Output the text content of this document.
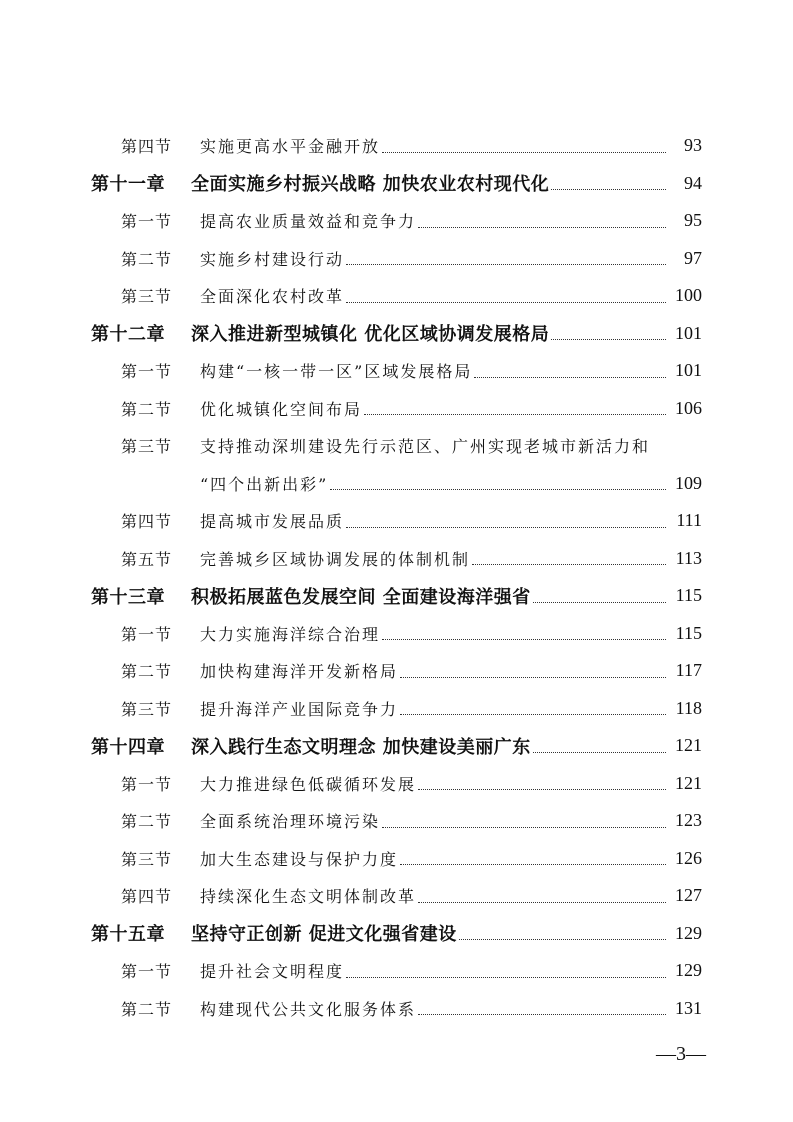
第四节	实施更高水平金融开放	93
第十一章	全面实施乡村振兴战略 加快农业农村现代化	94
第一节	提高农业质量效益和竞争力	95
第二节	实施乡村建设行动	97
第三节	全面深化农村改革	100
第十二章	深入推进新型城镇化 优化区域协调发展格局	101
第一节	构建“一核一带一区”区域发展格局	101
第二节	优化城镇化空间布局	106
第三节	支持推动深圳建设先行示范区、广州实现老城市新活力和
“四个出新出彩”	109
第四节	提高城市发展品质	111
第五节	完善城乡区域协调发展的体制机制	113
第十三章	积极拓展蓝色发展空间 全面建设海洋强省	115
第一节	大力实施海洋综合治理	115
第二节	加快构建海洋开发新格局	117
第三节	提升海洋产业国际竞争力	118
第十四章	深入践行生态文明理念 加快建设美丽广东	121
第一节	大力推进绿色低碳循环发展	121
第二节	全面系统治理环境污染	123
第三节	加大生态建设与保护力度	126
第四节	持续深化生态文明体制改革	127
第十五章	坚持守正创新 促进文化强省建设	129
第一节	提升社会文明程度	129
第二节	构建现代公共文化服务体系	131
—3—
